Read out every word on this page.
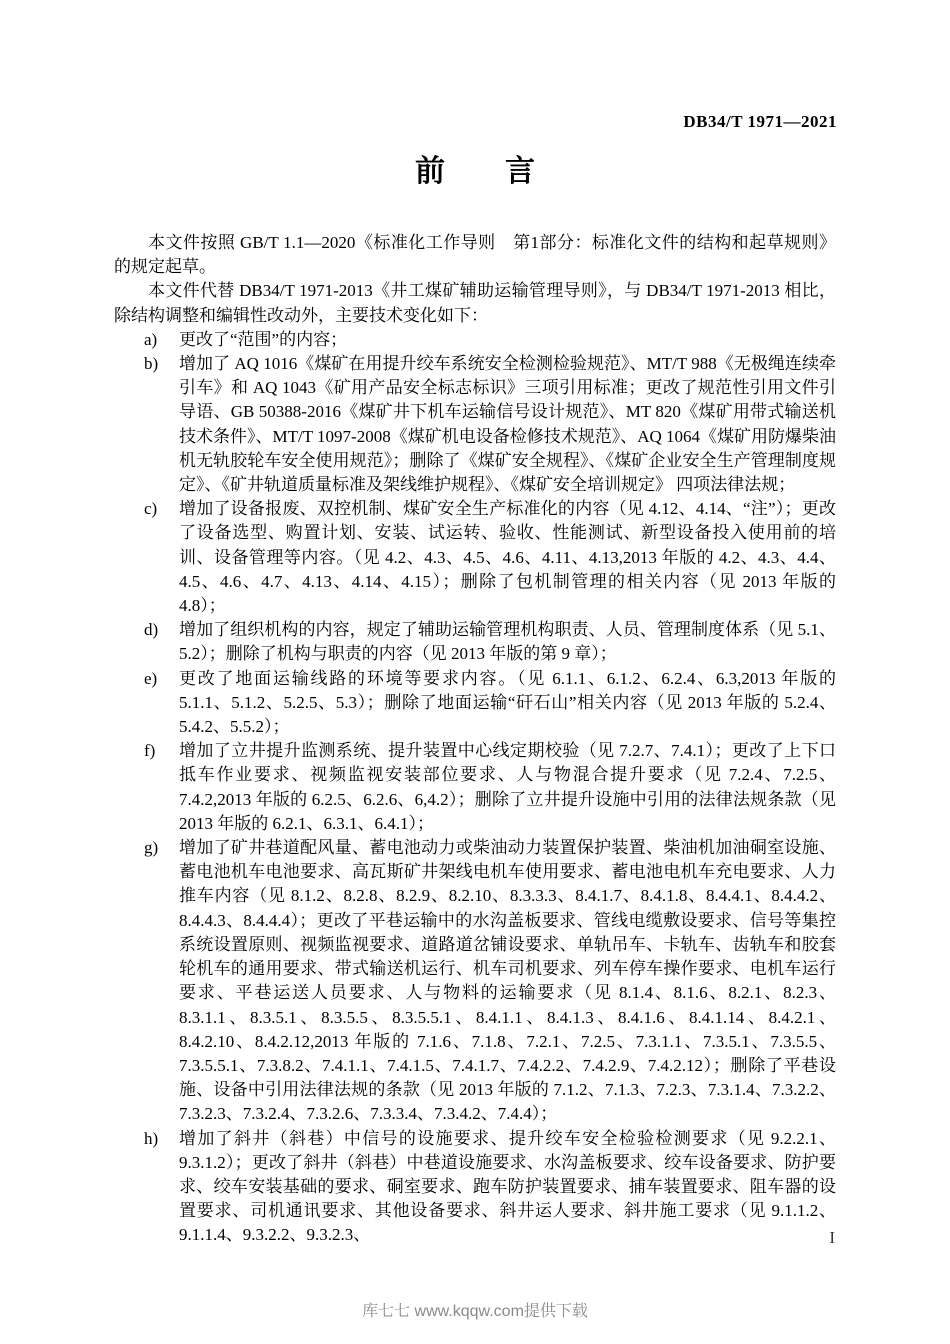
DB34/T 1971—2021
前　　言

本文件按照 GB/T 1.1—2020《标准化工作导则　第1部分：标准化文件的结构和起草规则》的规定起草。

本文件代替 DB34/T 1971-2013《井工煤矿辅助运输管理导则》，与 DB34/T 1971-2013 相比，除结构调整和编辑性改动外，主要技术变化如下：

a) 更改了“范围”的内容；
b) 增加了 AQ 1016《煤矿在用提升绞车系统安全检测检验规范》、MT/T 988《无极绳连续牵引车》和 AQ 1043《矿用产品安全标志标识》三项引用标准；更改了规范性引用文件引导语、GB 50388-2016《煤矿井下机车运输信号设计规范》、MT 820《煤矿用带式输送机 技术条件》、MT/T 1097-2008《煤矿机电设备检修技术规范》、AQ 1064《煤矿用防爆柴油机无轨胶轮车安全使用规范》；删除了《煤矿安全规程》、《煤矿企业安全生产管理制度规定》、《矿井轨道质量标准及架线维护规程》、《煤矿安全培训规定》 四项法律法规；
c) 增加了设备报废、双控机制、煤矿安全生产标准化的内容（见 4.12、4.14、“注”）；更改了设备选型、购置计划、安装、试运转、验收、性能测试、新型设备投入使用前的培训、设备管理等内容。（见 4.2、4.3、4.5、4.6、4.11、4.13,2013 年版的 4.2、4.3、4.4、4.5、4.6、4.7、4.13、4.14、4.15）；删除了包机制管理的相关内容（见 2013 年版的 4.8）；
d) 增加了组织机构的内容，规定了辅助运输管理机构职责、人员、管理制度体系（见 5.1、5.2）；删除了机构与职责的内容（见 2013 年版的第 9 章）；
e) 更改了地面运输线路的环境等要求内容。（见 6.1.1、6.1.2、6.2.4、6.3,2013 年版的 5.1.1、5.1.2、5.2.5、5.3）；删除了地面运输“矸石山”相关内容（见 2013 年版的 5.2.4、5.4.2、5.5.2）；
f) 增加了立井提升监测系统、提升装置中心线定期校验（见 7.2.7、7.4.1）；更改了上下口抵车作业要求、视频监视安装部位要求、人与物混合提升要求（见 7.2.4、7.2.5、7.4.2,2013 年版的 6.2.5、6.2.6、6,4.2）；删除了立井提升设施中引用的法律法规条款（见 2013 年版的 6.2.1、6.3.1、6.4.1）；
g) 增加了矿井巷道配风量、蓄电池动力或柴油动力装置保护装置、柴油机加油硐室设施、蓄电池机车电池要求、高瓦斯矿井架线电机车使用要求、蓄电池电机车充电要求、人力推车内容（见 8.1.2、8.2.8、8.2.9、8.2.10、8.3.3.3、8.4.1.7、8.4.1.8、8.4.4.1、8.4.4.2、8.4.4.3、8.4.4.4）；更改了平巷运输中的水沟盖板要求、管线电缆敷设要求、信号等集控系统设置原则、视频监视要求、道路道岔铺设要求、单轨吊车、卡轨车、齿轨车和胶套轮机车的通用要求、带式输送机运行、机车司机要求、列车停车操作要求、电机车运行要求、平巷运送人员要求、人与物料的运输要求（见 8.1.4、8.1.6、8.2.1、8.2.3、8.3.1.1、8.3.5.1、8.3.5.5、8.3.5.5.1、8.4.1.1、8.4.1.3、8.4.1.6、8.4.1.14、8.4.2.1、8.4.2.10、8.4.2.12,2013 年版的 7.1.6、7.1.8、7.2.1、7.2.5、7.3.1.1、7.3.5.1、7.3.5.5、7.3.5.5.1、7.3.8.2、7.4.1.1、7.4.1.5、7.4.1.7、7.4.2.2、7.4.2.9、7.4.2.12）；删除了平巷设施、设备中引用法律法规的条款（见 2013 年版的 7.1.2、7.1.3、7.2.3、7.3.1.4、7.3.2.2、7.3.2.3、7.3.2.4、7.3.2.6、7.3.3.4、7.3.4.2、7.4.4）；
h) 增加了斜井（斜巷）中信号的设施要求、提升绞车安全检验检测要求（见 9.2.2.1、9.3.1.2）；更改了斜井（斜巷）中巷道设施要求、水沟盖板要求、绞车设备要求、防护要求、绞车安装基础的要求、硐室要求、跑车防护装置要求、捕车装置要求、阻车器的设置要求、司机通讯要求、其他设备要求、斜井运人要求、斜井施工要求（见 9.1.1.2、9.1.1.4、9.3.2.2、9.3.2.3、	I
库七七 www.kqqw.com提供下载
